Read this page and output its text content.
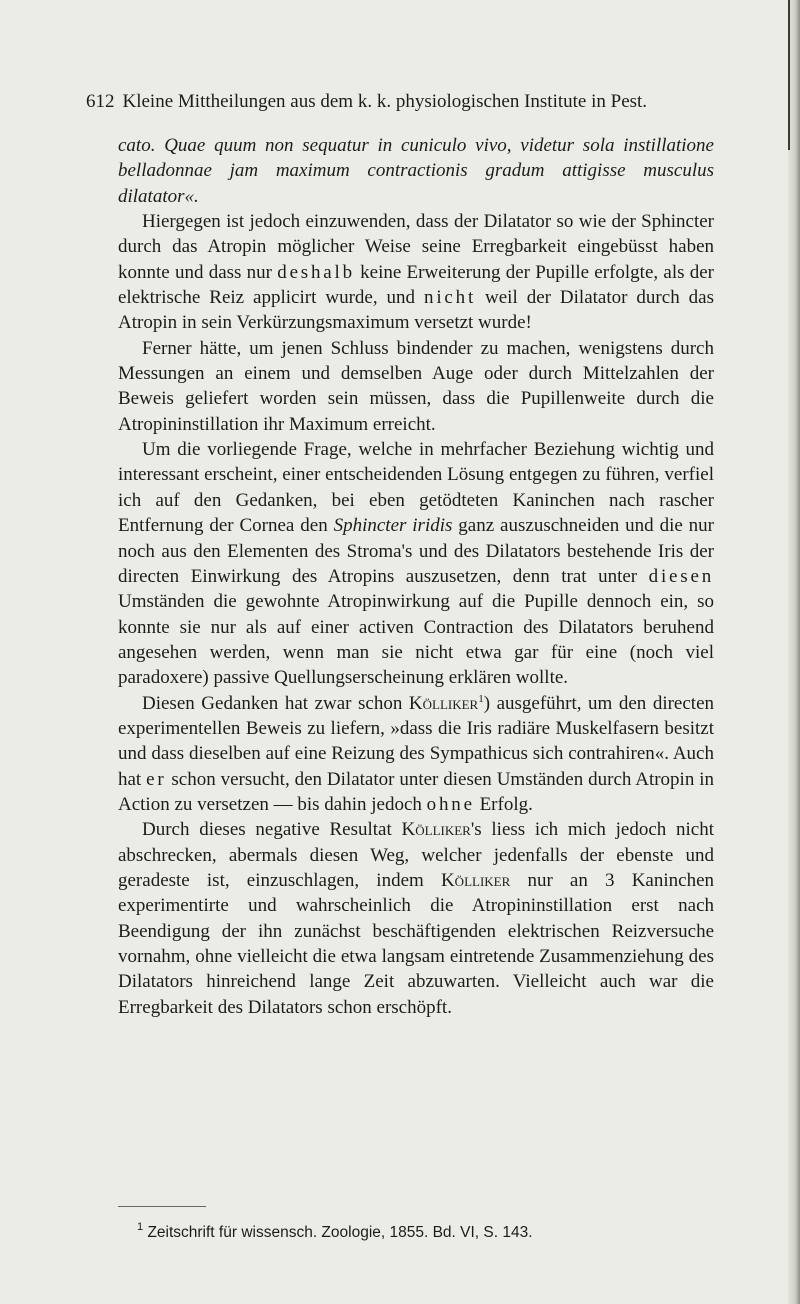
612 Kleine Mittheilungen aus dem k. k. physiologischen Institute in Pest.

cato. Quae quum non sequatur in cuniculo vivo, videtur sola instillatione belladonnae jam maximum contractionis gradum attigisse musculus dilatator«.

Hiergegen ist jedoch einzuwenden, dass der Dilatator so wie der Sphincter durch das Atropin möglicher Weise seine Erregbarkeit eingebüsst haben konnte und dass nur deshalb keine Erweiterung der Pupille erfolgte, als der elektrische Reiz applicirt wurde, und nicht weil der Dilatator durch das Atropin in sein Verkürzungsmaximum versetzt wurde!

Ferner hätte, um jenen Schluss bindender zu machen, wenigstens durch Messungen an einem und demselben Auge oder durch Mittelzahlen der Beweis geliefert worden sein müssen, dass die Pupillenweite durch die Atropininstillation ihr Maximum erreicht.

Um die vorliegende Frage, welche in mehrfacher Beziehung wichtig und interessant erscheint, einer entscheidenden Lösung entgegen zu führen, verfiel ich auf den Gedanken, bei eben getödteten Kaninchen nach rascher Entfernung der Cornea den Sphincter iridis ganz auszuschneiden und die nur noch aus den Elementen des Stroma's und des Dilatators bestehende Iris der directen Einwirkung des Atropins auszusetzen, denn trat unter diesen Umständen die gewohnte Atropinwirkung auf die Pupille dennoch ein, so konnte sie nur als auf einer activen Contraction des Dilatators beruhend angesehen werden, wenn man sie nicht etwa gar für eine (noch viel paradoxere) passive Quellungserscheinung erklären wollte.

Diesen Gedanken hat zwar schon Kölliker$^1$) ausgeführt, um den directen experimentellen Beweis zu liefern, »dass die Iris radiäre Muskelfasern besitzt und dass dieselben auf eine Reizung des Sympathicus sich contrahiren«. Auch hat er schon versucht, den Dilatator unter diesen Umständen durch Atropin in Action zu versetzen — bis dahin jedoch ohne Erfolg.

Durch dieses negative Resultat Kölliker's liess ich mich jedoch nicht abschrecken, abermals diesen Weg, welcher jedenfalls der ebenste und geradeste ist, einzuschlagen, indem Kölliker nur an 3 Kaninchen experimentirte und wahrscheinlich die Atropininstillation erst nach Beendigung der ihn zunächst beschäftigenden elektrischen Reizversuche vornahm, ohne vielleicht die etwa langsam eintretende Zusammenziehung des Dilatators hinreichend lange Zeit abzuwarten. Vielleicht auch war die Erregbarkeit des Dilatators schon erschöpft.

$^1$ Zeitschrift für wissensch. Zoologie, 1855. Bd. VI, S. 143.
